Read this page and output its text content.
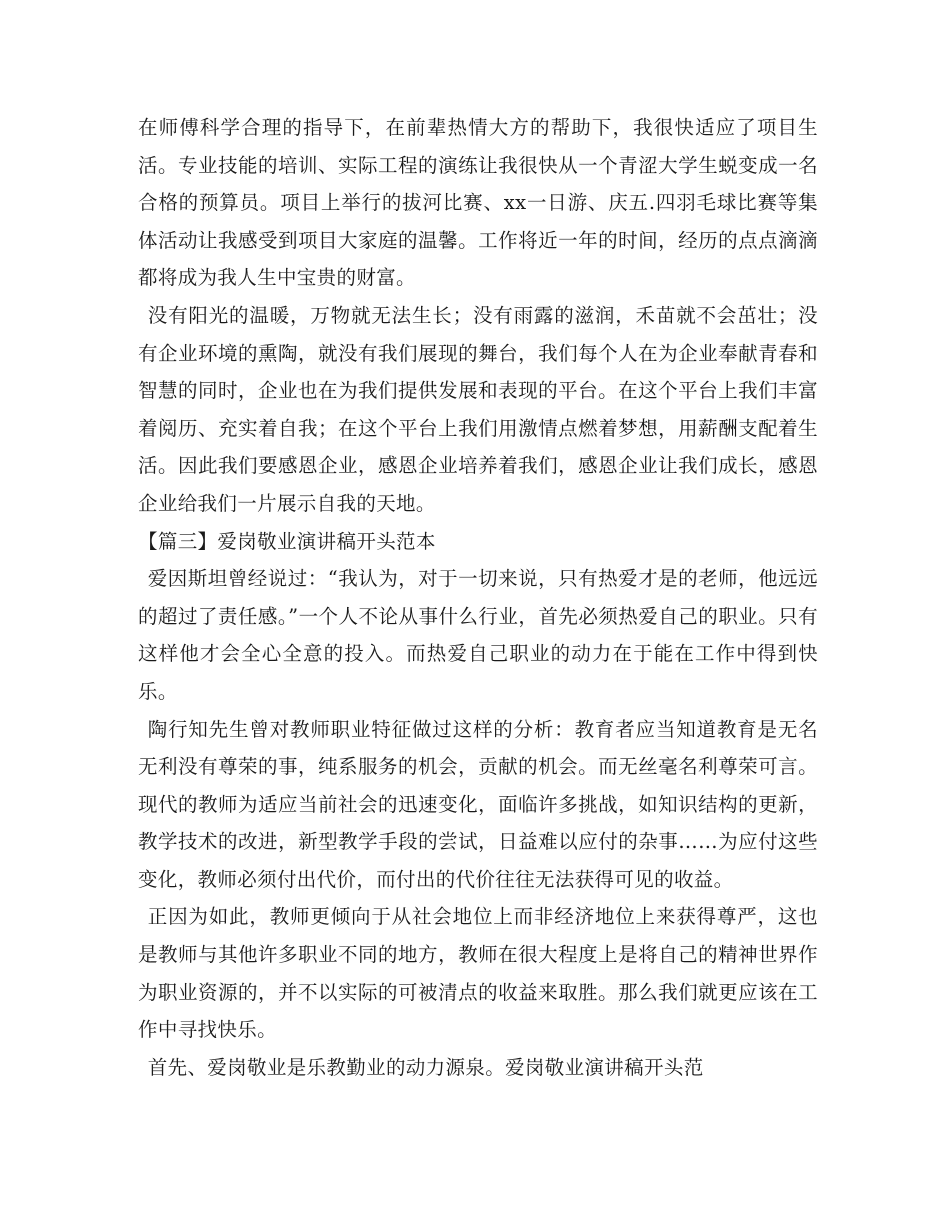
在师傅科学合理的指导下，在前辈热情大方的帮助下，我很快适应了项目生活。专业技能的培训、实际工程的演练让我很快从一个青涩大学生蜕变成一名合格的预算员。项目上举行的拔河比赛、xx一日游、庆五.四羽毛球比赛等集体活动让我感受到项目大家庭的温馨。工作将近一年的时间，经历的点点滴滴都将成为我人生中宝贵的财富。

没有阳光的温暖，万物就无法生长；没有雨露的滋润，禾苗就不会茁壮；没有企业环境的熏陶，就没有我们展现的舞台，我们每个人在为企业奉献青春和智慧的同时，企业也在为我们提供发展和表现的平台。在这个平台上我们丰富着阅历、充实着自我；在这个平台上我们用激情点燃着梦想，用薪酬支配着生活。因此我们要感恩企业，感恩企业培养着我们，感恩企业让我们成长，感恩企业给我们一片展示自我的天地。

【篇三】爱岗敬业演讲稿开头范本

爱因斯坦曾经说过：“我认为，对于一切来说，只有热爱才是的老师，他远远的超过了责任感。”一个人不论从事什么行业，首先必须热爱自己的职业。只有这样他才会全心全意的投入。而热爱自己职业的动力在于能在工作中得到快乐。

陶行知先生曾对教师职业特征做过这样的分析：教育者应当知道教育是无名无利没有尊荣的事，纯系服务的机会，贡献的机会。而无丝毫名利尊荣可言。现代的教师为适应当前社会的迅速变化，面临许多挑战，如知识结构的更新，教学技术的改进，新型教学手段的尝试，日益难以应付的杂事……为应付这些变化，教师必须付出代价，而付出的代价往往无法获得可见的收益。

正因为如此，教师更倾向于从社会地位上而非经济地位上来获得尊严，这也是教师与其他许多职业不同的地方，教师在很大程度上是将自己的精神世界作为职业资源的，并不以实际的可被清点的收益来取胜。那么我们就更应该在工作中寻找快乐。

首先、爱岗敬业是乐教勤业的动力源泉。爱岗敬业演讲稿开头范
